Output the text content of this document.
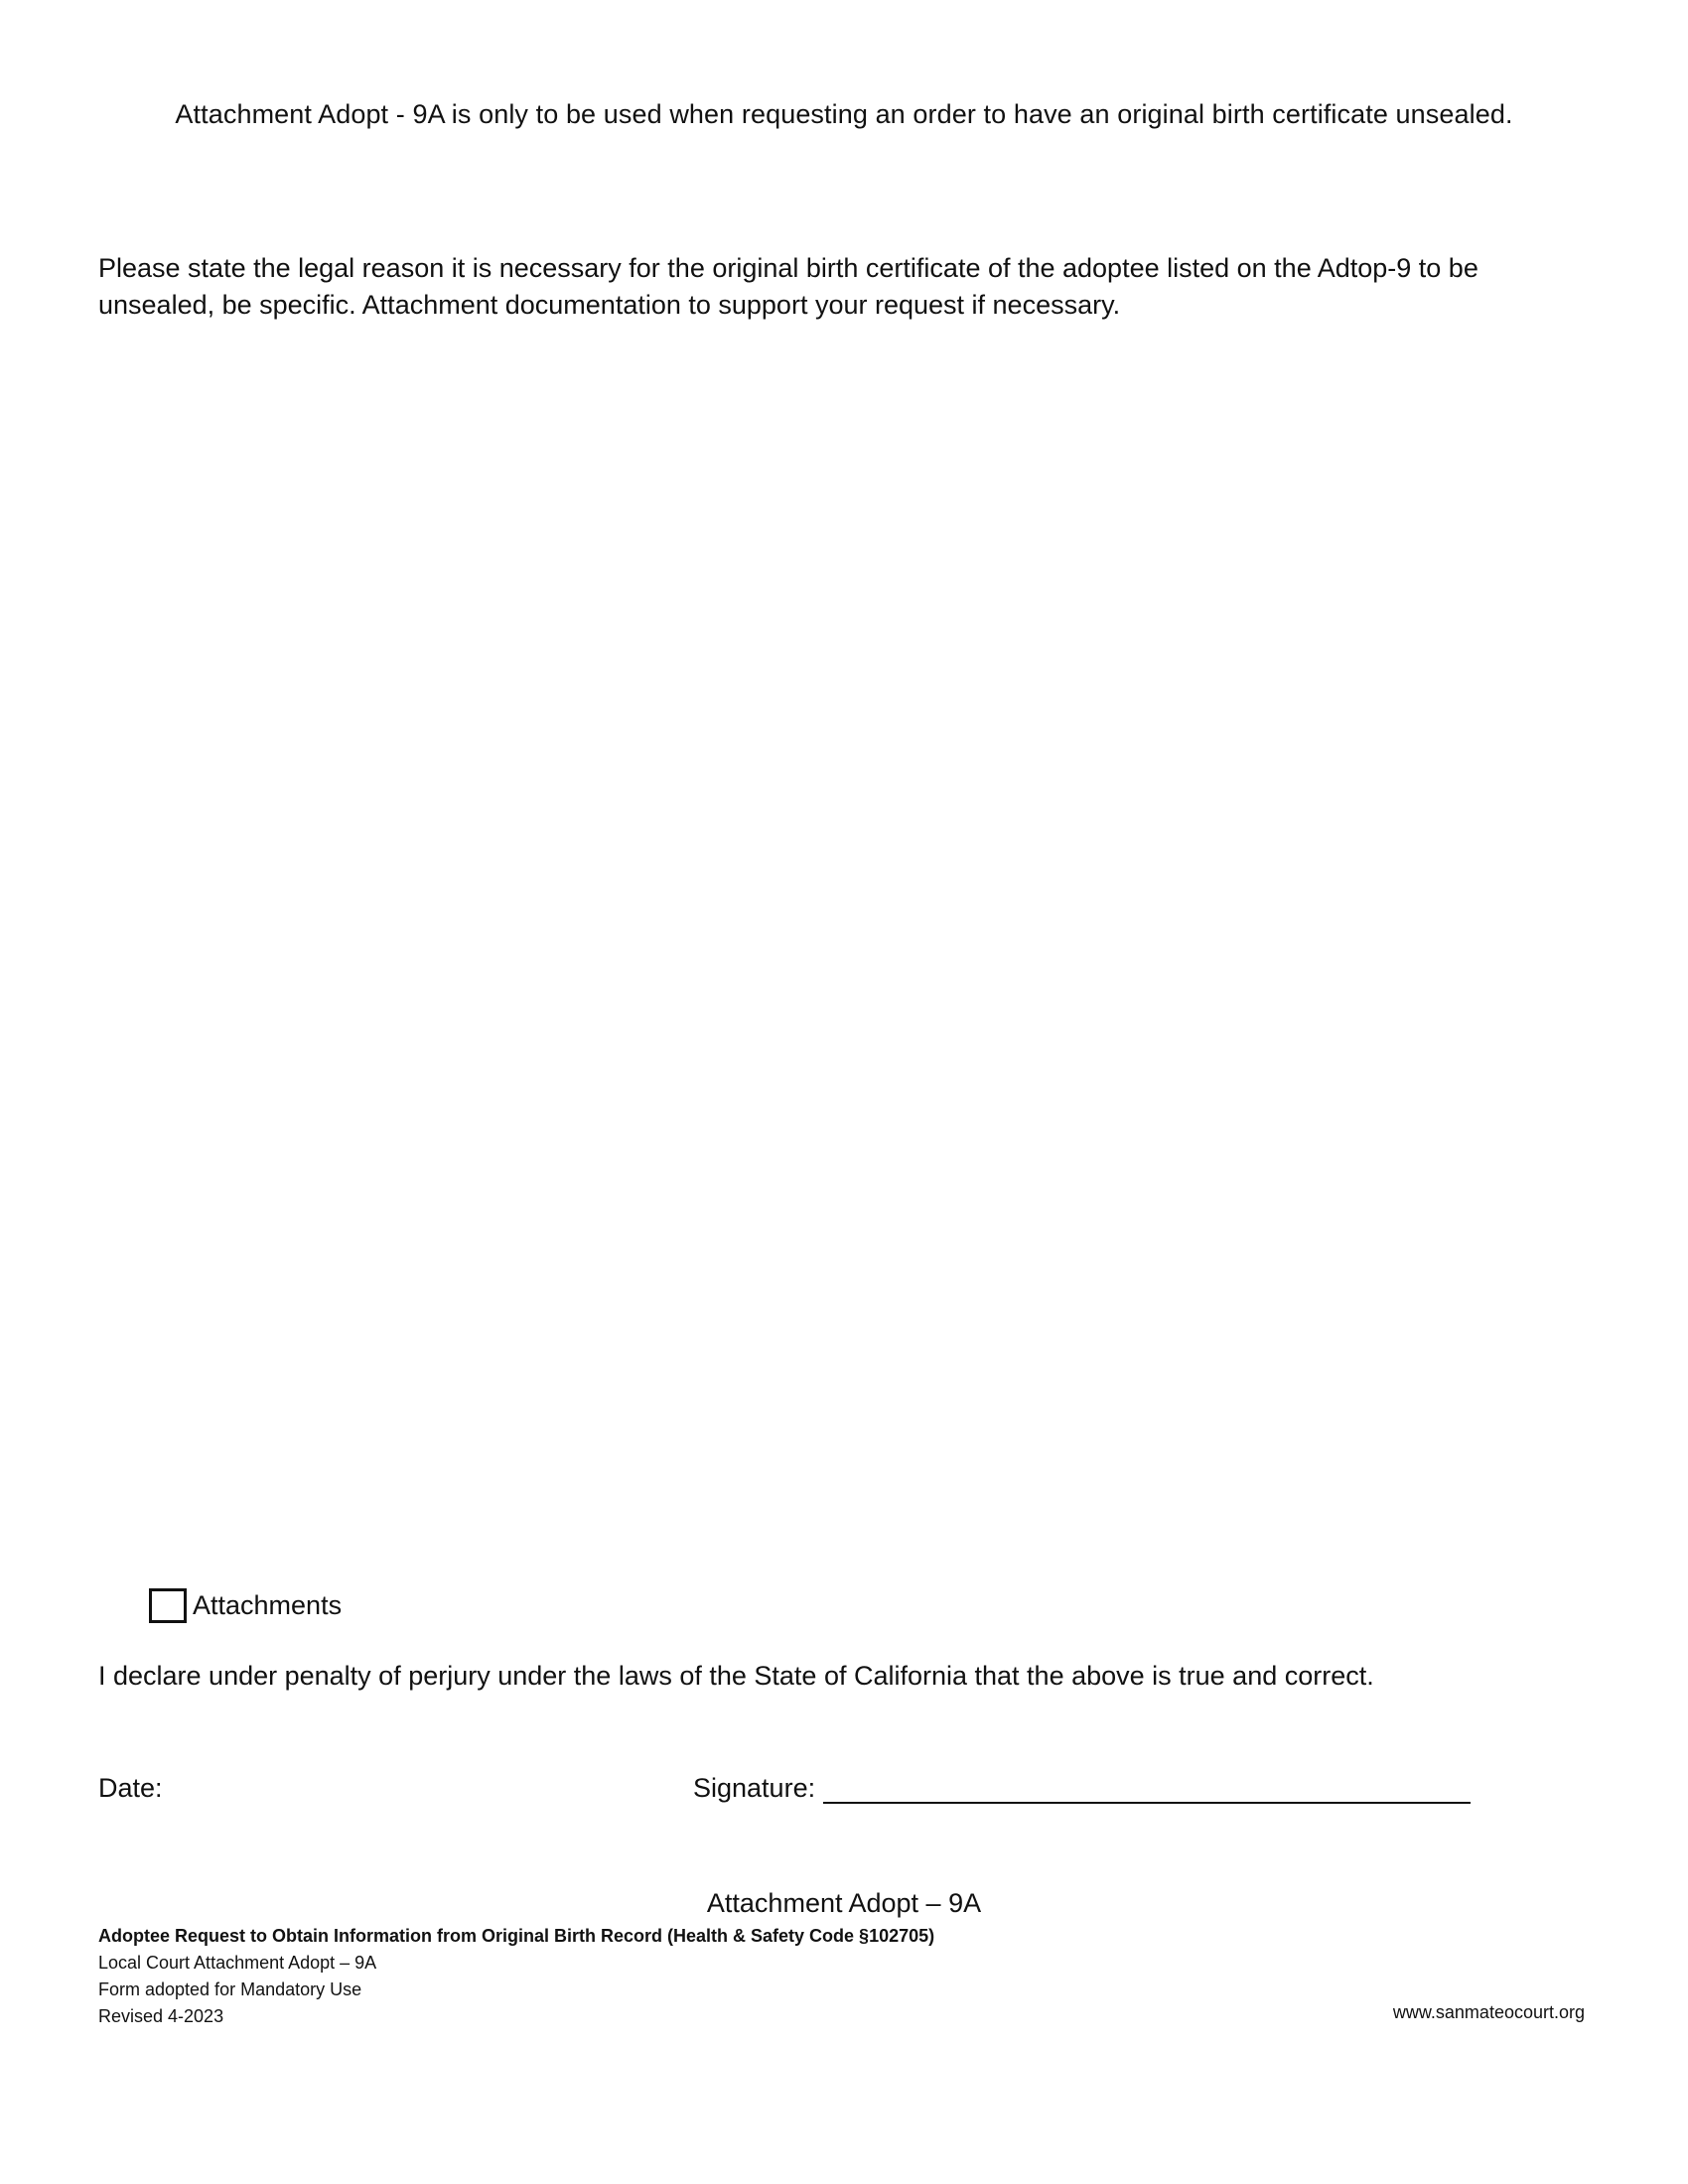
Attachment Adopt - 9A is only to be used when requesting an order to have an original birth certificate unsealed.
Please state the legal reason it is necessary for the original birth certificate of the adoptee listed on the Adtop-9 to be
unsealed, be specific. Attachment documentation to support your request if necessary.
Attachments
I declare under penalty of perjury under the laws of the State of California that the above is true and correct.
Date:	Signature:
Attachment Adopt – 9A
Adoptee Request to Obtain Information from Original Birth Record (Health & Safety Code §102705)
Local Court Attachment Adopt – 9A
Form adopted for Mandatory Use
Revised 4-2023	www.sanmateocourt.org
